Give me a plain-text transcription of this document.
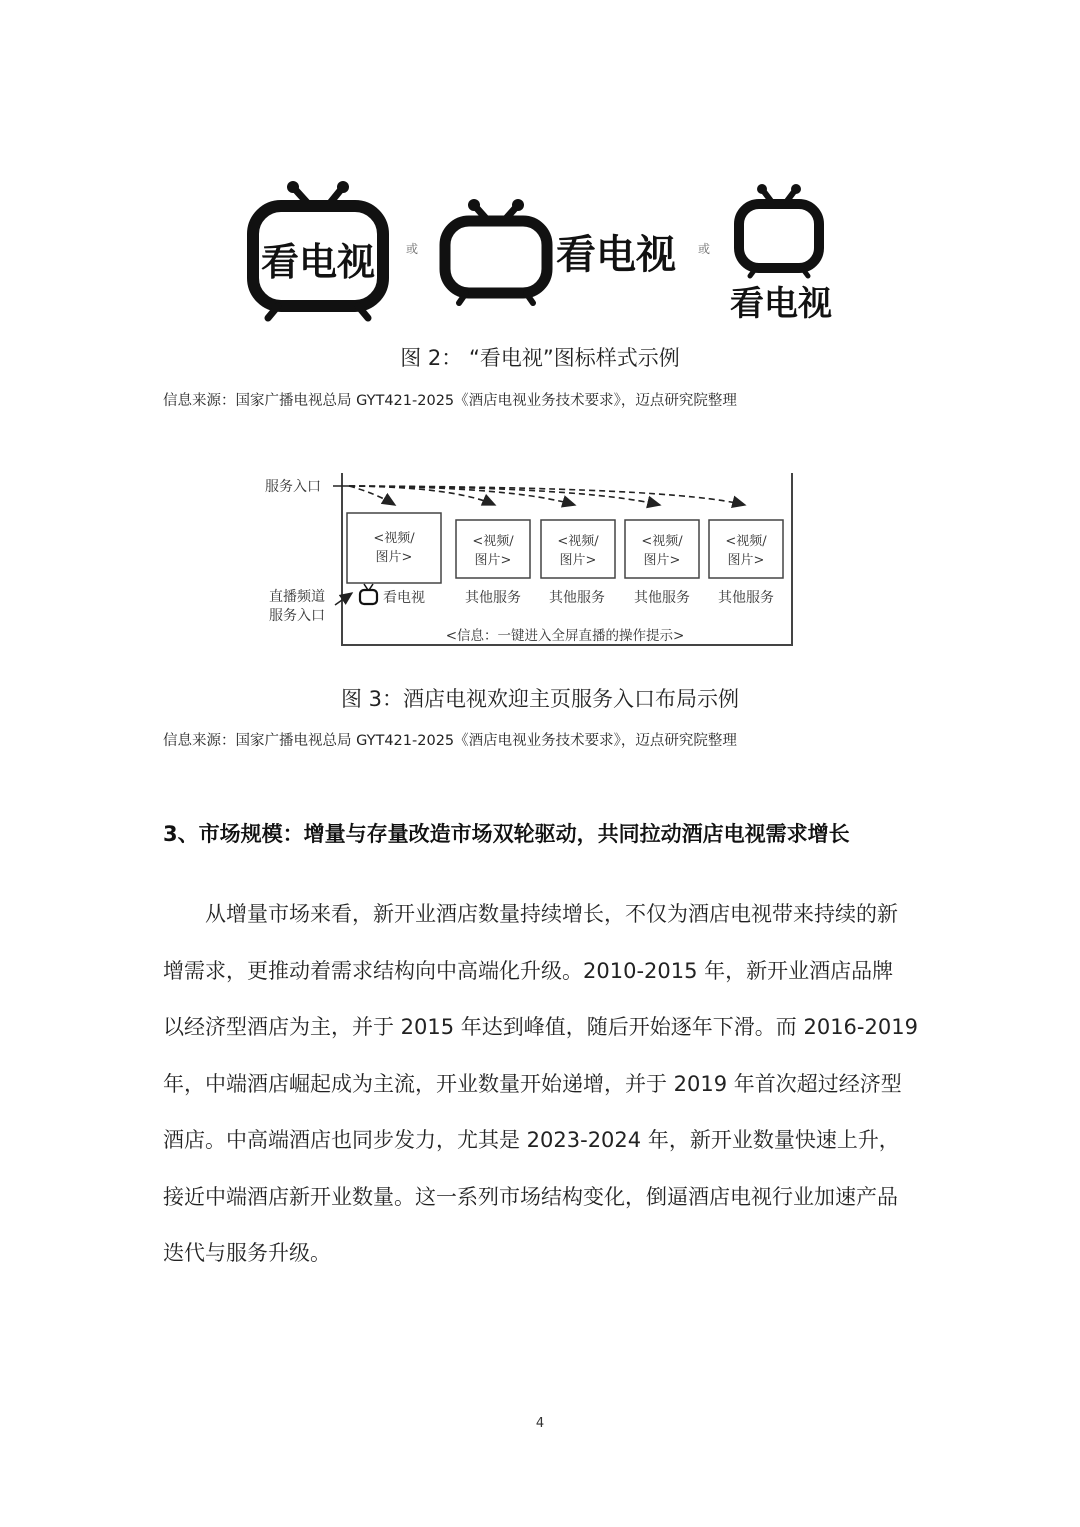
看电视	或	看电视 或
看电视
图 2： “看电视”图标样式示例
信息来源：国家广播电视总局 GYT421-2025《酒店电视业务技术要求》，迈点研究院整理
服务入口
<视频/
图片>
<视频/
图片>
<视频/
图片>
<视频/
图片>
<视频/
图片>
直播频道
服务入口
看电视	其他服务 其他服务 其他服务 其他服务
<信息：一键进入全屏直播的操作提示>
图 3：酒店电视欢迎主页服务入口布局示例
信息来源：国家广播电视总局 GYT421-2025《酒店电视业务技术要求》，迈点研究院整理
3、市场规模：增量与存量改造市场双轮驱动，共同拉动酒店电视需求增长
从增量市场来看，新开业酒店数量持续增长，不仅为酒店电视带来持续的新
增需求，更推动着需求结构向中高端化升级。2010-2015 年，新开业酒店品牌
以经济型酒店为主，并于 2015 年达到峰值，随后开始逐年下滑。而 2016-2019
年，中端酒店崛起成为主流，开业数量开始递增，并于 2019 年首次超过经济型
酒店。中高端酒店也同步发力，尤其是 2023-2024 年，新开业数量快速上升，
接近中端酒店新开业数量。这一系列市场结构变化，倒逼酒店电视行业加速产品
迭代与服务升级。
4
